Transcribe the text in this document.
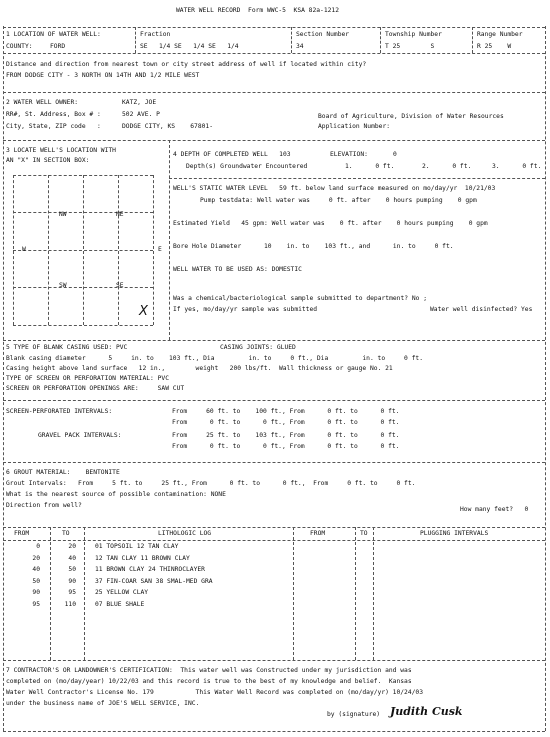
WATER WELL RECORD  Form WWC-5  KSA 82a-1212
1 LOCATION OF WATER WELL:
COUNTY:	FORD
Fraction
SE   1/4 SE   1/4 SE   1/4
Section Number
34
Township Number
T 25        S
Range Number
R 25    W
Distance and direction from nearest town or city street address of well if located within city?
FROM DODGE CITY - 3 NORTH ON 14TH AND 1/2 MILE WEST
2 WATER WELL OWNER:	KATZ, JOE
RR#, St. Address, Box # :	502 AVE. P
City, State, ZIP code   :	DODGE CITY, KS    67801-
Board of Agriculture, Division of Water Resources
Application Number:
3 LOCATE WELL'S LOCATION WITH
AN "X" IN SECTION BOX:
NW	NE
SW	SE
W	E
X
4 DEPTH OF COMPLETED WELL   103	ELEVATION:	0
Depth(s) Groundwater Encountered	1.      0 ft.	2.      0 ft.	3.      0 ft.
WELL'S STATIC WATER LEVEL   59 ft. below land surface measured on mo/day/yr  10/21/03
Pump testdata: Well water was     0 ft. after    0 hours pumping    0 gpm
Estimated Yield   45 gpm: Well water was    0 ft. after    0 hours pumping    0 gpm
Bore Hole Diameter      10    in. to    103 ft., and      in. to     0 ft.
WELL WATER TO BE USED AS: DOMESTIC
Was a chemical/bacteriological sample submitted to department? No ;
If yes, mo/day/yr sample was submitted	Water well disinfected? Yes
5 TYPE OF BLANK CASING USED: PVC	CASING JOINTS: GLUED
Blank casing diameter      5     in. to    103 ft., Dia         in. to     0 ft., Dia         in. to     0 ft.
Casing height above land surface   12 in.,        weight   200 lbs/ft.  Wall thickness or gauge No. 21
TYPE OF SCREEN OR PERFORATION MATERIAL: PVC
SCREEN OR PERFORATION OPENINGS ARE:     SAW CUT
SCREEN-PERFORATED INTERVALS:	From     60 ft. to    100 ft., From      0 ft. to      0 ft.
From      0 ft. to      0 ft., From      0 ft. to      0 ft.
GRAVEL PACK INTERVALS:	From     25 ft. to    103 ft., From      0 ft. to      0 ft.
From      0 ft. to      0 ft., From      0 ft. to      0 ft.
6 GROUT MATERIAL:    BENTONITE
Grout Intervals:   From     5 ft. to     25 ft., From      0 ft. to      0 ft.,  From     0 ft. to     0 ft.
What is the nearest source of possible contamination: NONE
Direction from well?
How many feet?   0
FROM	TO	LITHOLOGIC LOG	FROM	TO	PLUGGING INTERVALS
0	20	01 TOPSOIL 12 TAN CLAY
20	40	12 TAN CLAY 11 BROWN CLAY
40	50	11 BROWN CLAY 24 THINROCLAYER
50	90	37 FIN-COAR SAN 38 SMAL-MED GRA
90	95	25 YELLOW CLAY
95	110	07 BLUE SHALE
7 CONTRACTOR'S OR LANDOWNER'S CERTIFICATION:  This water well was Constructed under my jurisdiction and was
completed on (mo/day/year) 10/22/03 and this record is true to the best of my knowledge and belief.  Kansas
Water Well Contractor's License No. 179           This Water Well Record was completed on (mo/day/yr) 10/24/03
under the business name of JOE'S WELL SERVICE, INC.
by (signature) Judith Cusk
